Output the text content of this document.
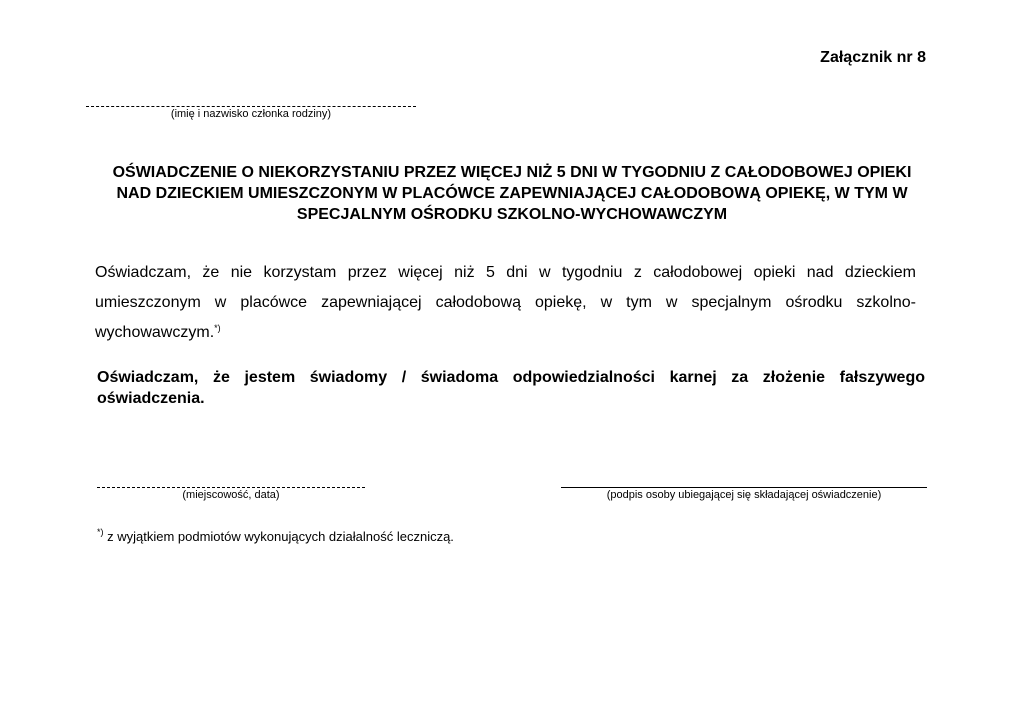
Załącznik nr 8
(imię i nazwisko członka rodziny)

OŚWIADCZENIE O NIEKORZYSTANIU PRZEZ WIĘCEJ NIŻ 5 DNI W TYGODNIU Z CAŁODOBOWEJ OPIEKI NAD DZIECKIEM UMIESZCZONYM W PLACÓWCE ZAPEWNIAJĄCEJ CAŁODOBOWĄ OPIEKĘ, W TYM W SPECJALNYM OŚRODKU SZKOLNO-WYCHOWAWCZYM

Oświadczam, że nie korzystam przez więcej niż 5 dni w tygodniu z całodobowej opieki nad dzieckiem umieszczonym w placówce zapewniającej całodobową opiekę, w tym w specjalnym ośrodku szkolno-wychowawczym.*)

Oświadczam, że jestem świadomy / świadoma odpowiedzialności karnej za złożenie fałszywego oświadczenia.

(miejscowość, data)	(podpis osoby ubiegającej się składającej oświadczenie)
*) z wyjątkiem podmiotów wykonujących działalność leczniczą.
